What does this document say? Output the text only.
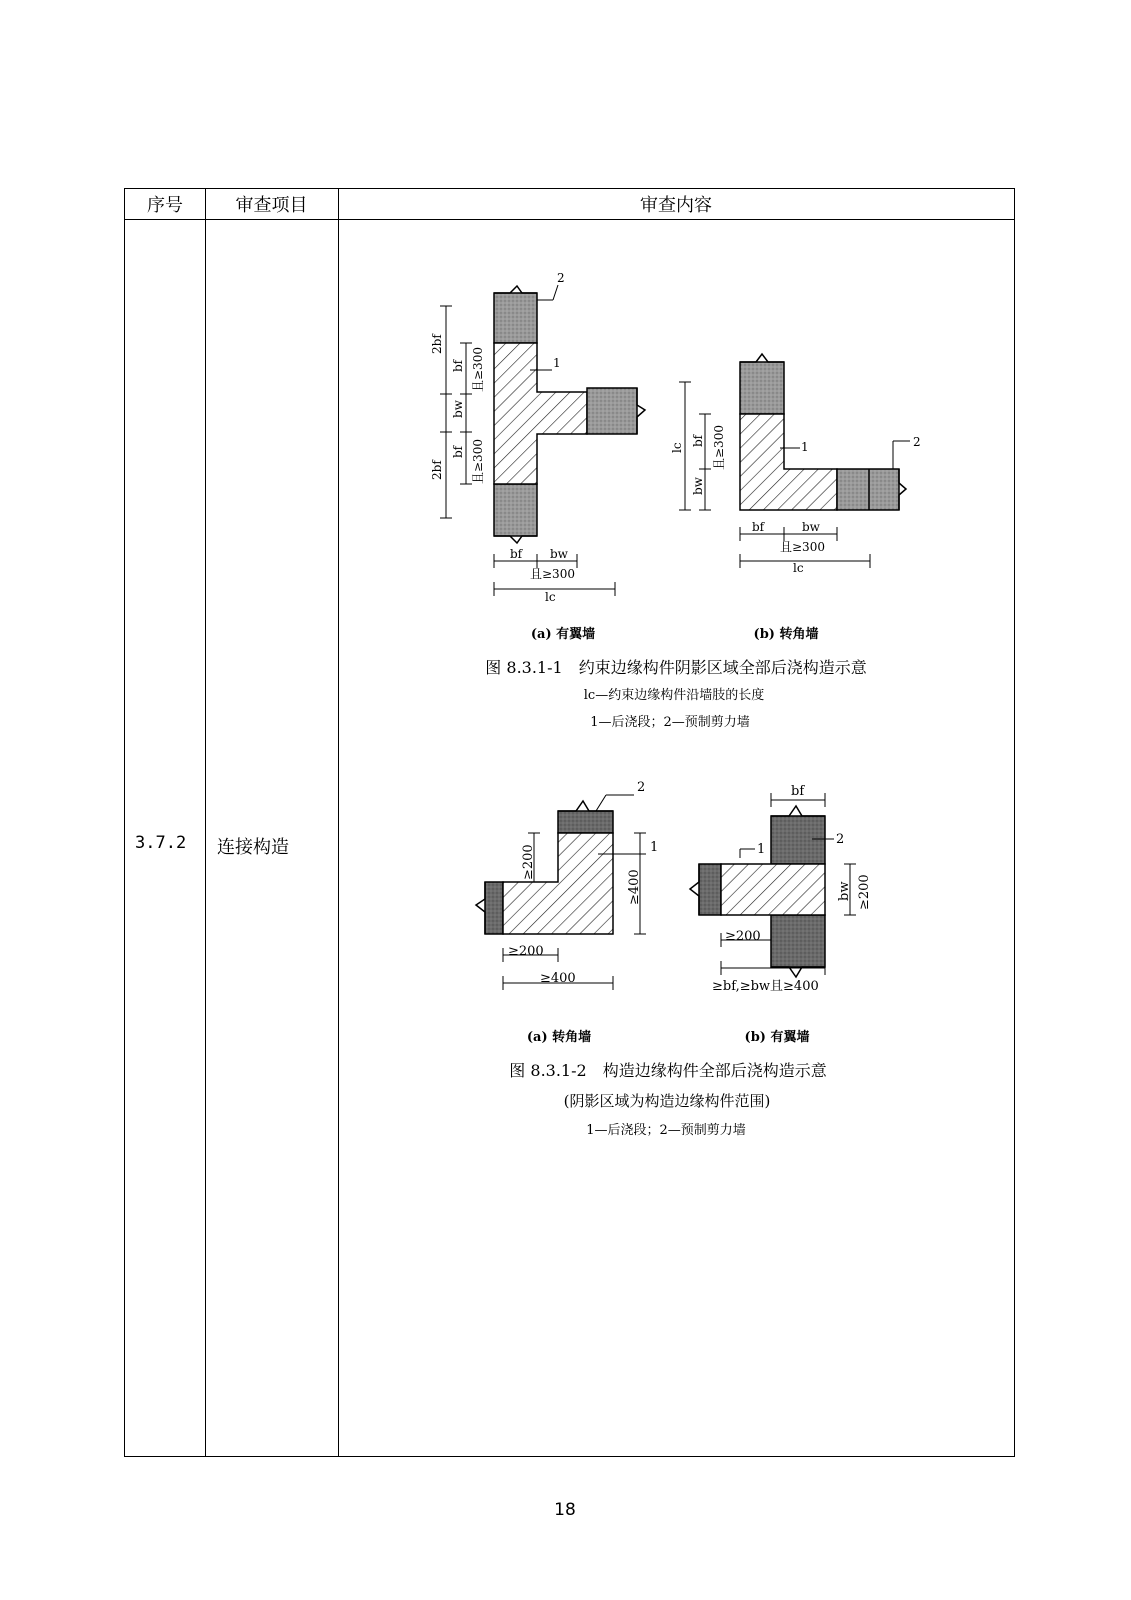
序号	审查项目	审查内容
3.7.2 连接构造
2bf
2bf
bf
bf
bw
且≥300
且≥300
bf bw
且≥300
lc
1
2
lc
bf
bw
且≥300
bf	bw
且≥300
lc
1	2
≥200
≥400
≥200
≥400
1
2	bf
bw ≥200
≥200
≥bf,≥bw且≥400
1
2
(a) 有翼墙	(b) 转角墙
图 8.3.1-1　约束边缘构件阴影区域全部后浇构造示意
lc—约束边缘构件沿墙肢的长度
1—后浇段；2—预制剪力墙
(a) 转角墙	(b) 有翼墙
图 8.3.1-2　构造边缘构件全部后浇构造示意
(阴影区域为构造边缘构件范围)
1—后浇段；2—预制剪力墙
18
